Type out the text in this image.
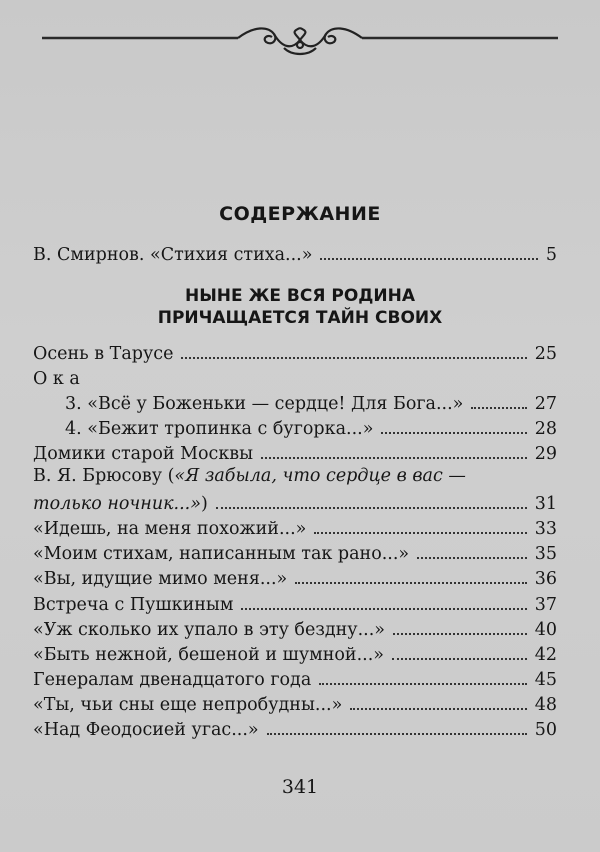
СОДЕРЖАНИЕ
В. Смирнов. «Стихия стиха...»	5
НЫНЕ ЖЕ ВСЯ РОДИНА
ПРИЧАЩАЕТСЯ ТАЙН СВОИХ
Осень в Тарусе	25
О к а
3. «Всё у Боженьки — сердце! Для Бога...»	27
4. «Бежит тропинка с бугорка...»	28
Домики старой Москвы	29
В. Я. Брюсову («Я забыла, что сердце в вас —
только ночник...»)	31
«Идешь, на меня похожий...»	33
«Моим стихам, написанным так рано...»	35
«Вы, идущие мимо меня...»	36
Встреча с Пушкиным	37
«Уж сколько их упало в эту бездну...»	40
«Быть нежной, бешеной и шумной...»	42
Генералам двенадцатого года	45
«Ты, чьи сны еще непробудны...»	48
«Над Феодосией угас...»	50
341
